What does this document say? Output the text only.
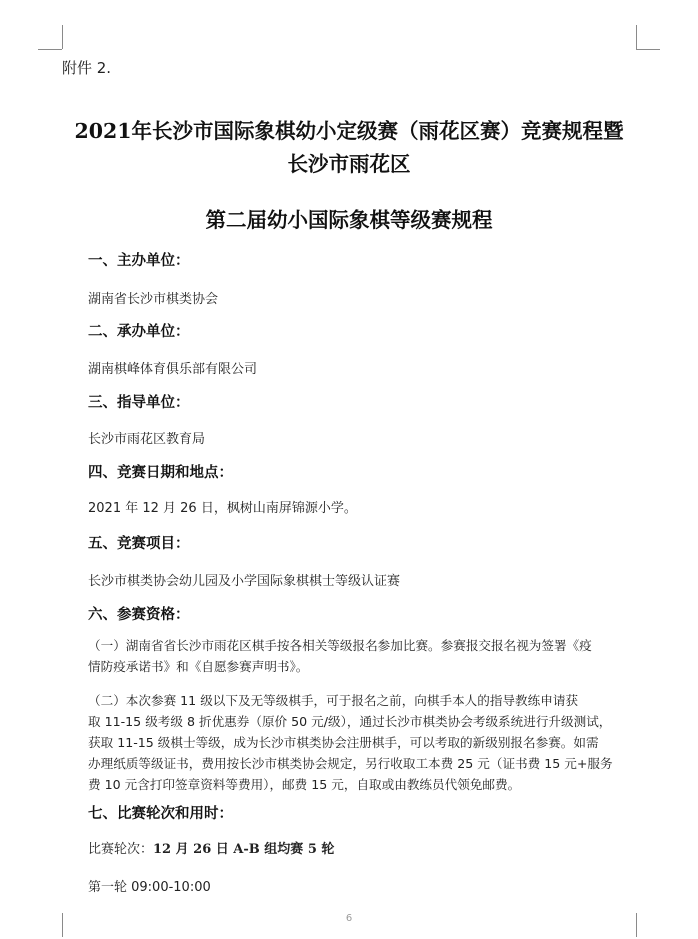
附件 2.
2021年长沙市国际象棋幼小定级赛（雨花区赛）竞赛规程暨
长沙市雨花区
第二届幼小国际象棋等级赛规程
一、主办单位：
湖南省长沙市棋类协会
二、承办单位：
湖南棋峰体育俱乐部有限公司
三、指导单位：
长沙市雨花区教育局
四、竞赛日期和地点：
2021 年 12 月 26 日，枫树山南屏锦源小学。
五、竞赛项目：
长沙市棋类协会幼儿园及小学国际象棋棋士等级认证赛
六、参赛资格：
（一）湖南省省长沙市雨花区棋手按各相关等级报名参加比赛。参赛报交报名视为签署《疫
情防疫承诺书》和《自愿参赛声明书》。
（二）本次参赛 11 级以下及无等级棋手，可于报名之前，向棋手本人的指导教练申请获
取 11-15 级考级 8 折优惠券（原价 50 元/级），通过长沙市棋类协会考级系统进行升级测试，
获取 11-15 级棋士等级，成为长沙市棋类协会注册棋手，可以考取的新级别报名参赛。如需
办理纸质等级证书，费用按长沙市棋类协会规定，另行收取工本费 25 元（证书费 15 元+服务
费 10 元含打印签章资料等费用），邮费 15 元，自取或由教练员代领免邮费。
七、比赛轮次和用时：
比赛轮次：12 月 26 日 A-B 组均赛 5 轮
第一轮 09:00-10:00
6
